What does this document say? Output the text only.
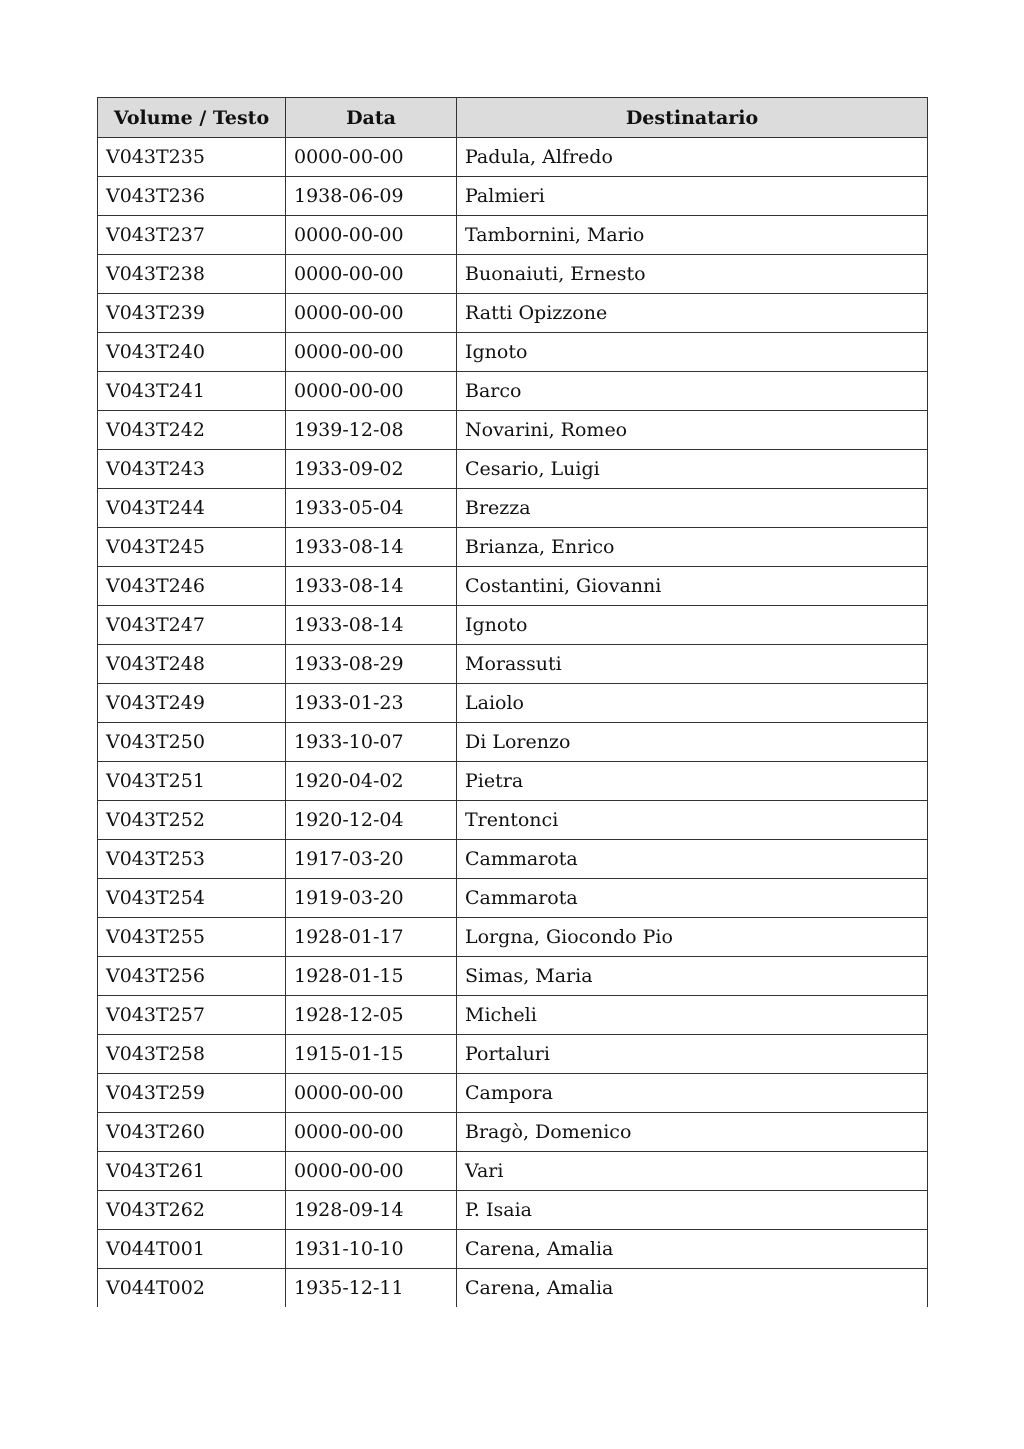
Volume / Testo	Data	Destinatario
V043T235	0000-00-00	Padula, Alfredo
V043T236	1938-06-09	Palmieri
V043T237	0000-00-00	Tambornini, Mario
V043T238	0000-00-00	Buonaiuti, Ernesto
V043T239	0000-00-00	Ratti Opizzone
V043T240	0000-00-00	Ignoto
V043T241	0000-00-00	Barco
V043T242	1939-12-08	Novarini, Romeo
V043T243	1933-09-02	Cesario, Luigi
V043T244	1933-05-04	Brezza
V043T245	1933-08-14	Brianza, Enrico
V043T246	1933-08-14	Costantini, Giovanni
V043T247	1933-08-14	Ignoto
V043T248	1933-08-29	Morassuti
V043T249	1933-01-23	Laiolo
V043T250	1933-10-07	Di Lorenzo
V043T251	1920-04-02	Pietra
V043T252	1920-12-04	Trentonci
V043T253	1917-03-20	Cammarota
V043T254	1919-03-20	Cammarota
V043T255	1928-01-17	Lorgna, Giocondo Pio
V043T256	1928-01-15	Simas, Maria
V043T257	1928-12-05	Micheli
V043T258	1915-01-15	Portaluri
V043T259	0000-00-00	Campora
V043T260	0000-00-00	Bragò, Domenico
V043T261	0000-00-00	Vari
V043T262	1928-09-14	P. Isaia
V044T001	1931-10-10	Carena, Amalia
V044T002	1935-12-11	Carena, Amalia
